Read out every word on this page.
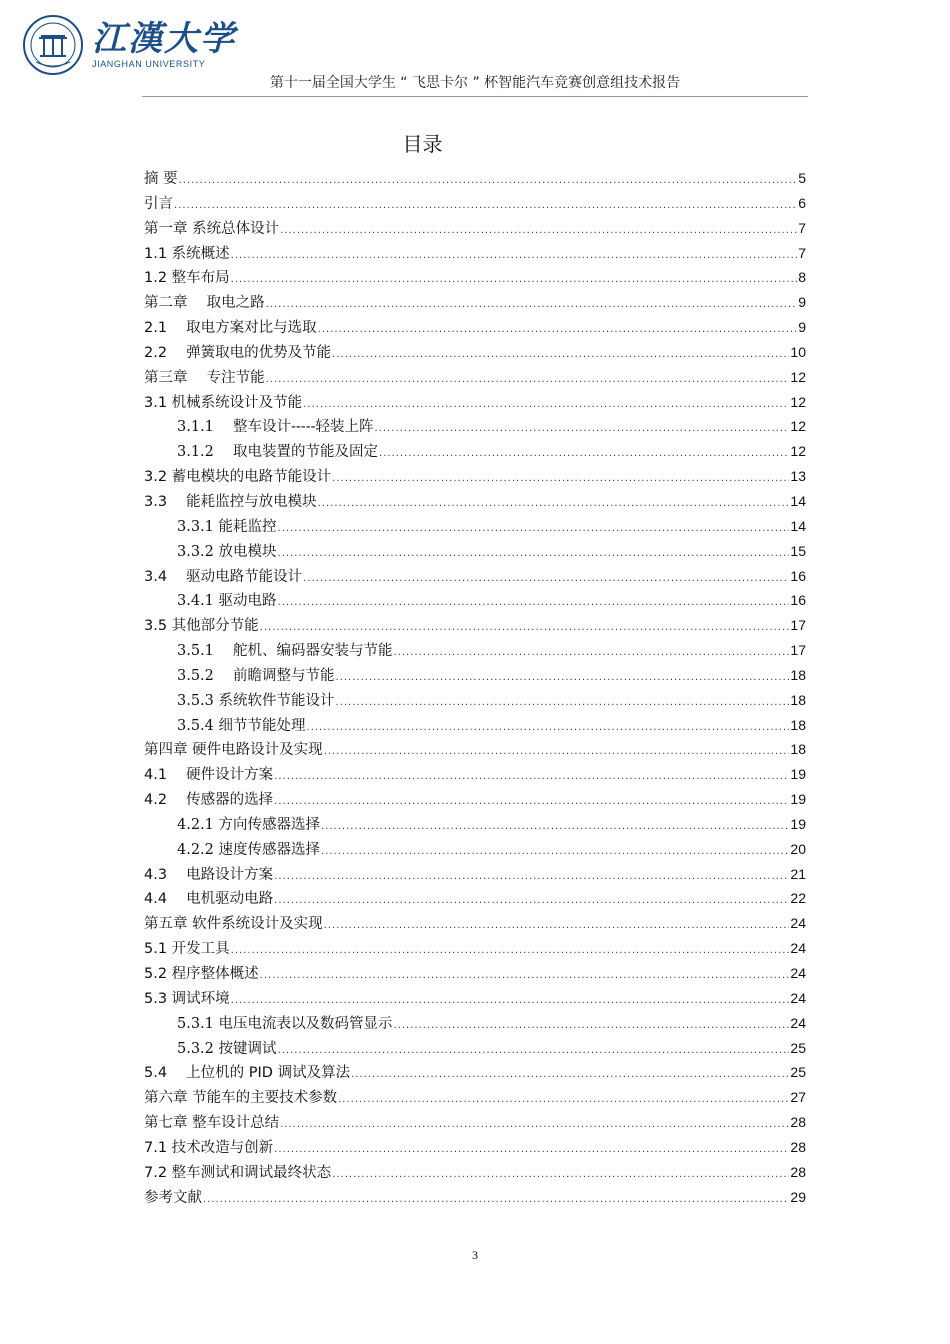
江漢大学
JIANGHAN UNIVERSITY
第十一届全国大学生 “ 飞思卡尔 ” 杯智能汽车竞赛创意组技术报告
目录
摘 要 .....	5
引言 .....	6
第一章 系统总体设计 .....	7
1.1 系统概述 .....	7
1.2 整车布局 .....	8
第二章　 取电之路 .....	9
2.1　 取电方案对比与选取 .....	9
2.2　 弹簧取电的优势及节能 .....	10
第三章　 专注节能 .....	12
3.1 机械系统设计及节能 .....	12
3.1.1　 整车设计-----轻装上阵 .....	12
3.1.2　 取电装置的节能及固定 .....	12
3.2 蓄电模块的电路节能设计 .....	13
3.3　 能耗监控与放电模块 .....	14
3.3.1 能耗监控 .....	14
3.3.2 放电模块 .....	15
3.4　 驱动电路节能设计 .....	16
3.4.1 驱动电路 .....	16
3.5 其他部分节能 .....	17
3.5.1　 舵机、编码器安装与节能 .....	17
3.5.2　 前瞻调整与节能 .....	18
3.5.3 系统软件节能设计 .....	18
3.5.4 细节节能处理 .....	18
第四章 硬件电路设计及实现 .....	18
4.1　 硬件设计方案 .....	19
4.2　 传感器的选择 .....	19
4.2.1 方向传感器选择 .....	19
4.2.2 速度传感器选择 .....	20
4.3　 电路设计方案 .....	21
4.4　 电机驱动电路 .....	22
第五章 软件系统设计及实现 .....	24
5.1 开发工具 .....	24
5.2 程序整体概述 .....	24
5.3 调试环境 .....	24
5.3.1 电压电流表以及数码管显示 .....	24
5.3.2 按键调试 .....	25
5.4　 上位机的 PID 调试及算法 .....	25
第六章 节能车的主要技术参数 .....	27
第七章 整车设计总结 .....	28
7.1 技术改造与创新 .....	28
7.2 整车测试和调试最终状态 .....	28
参考文献 .....	29
3
